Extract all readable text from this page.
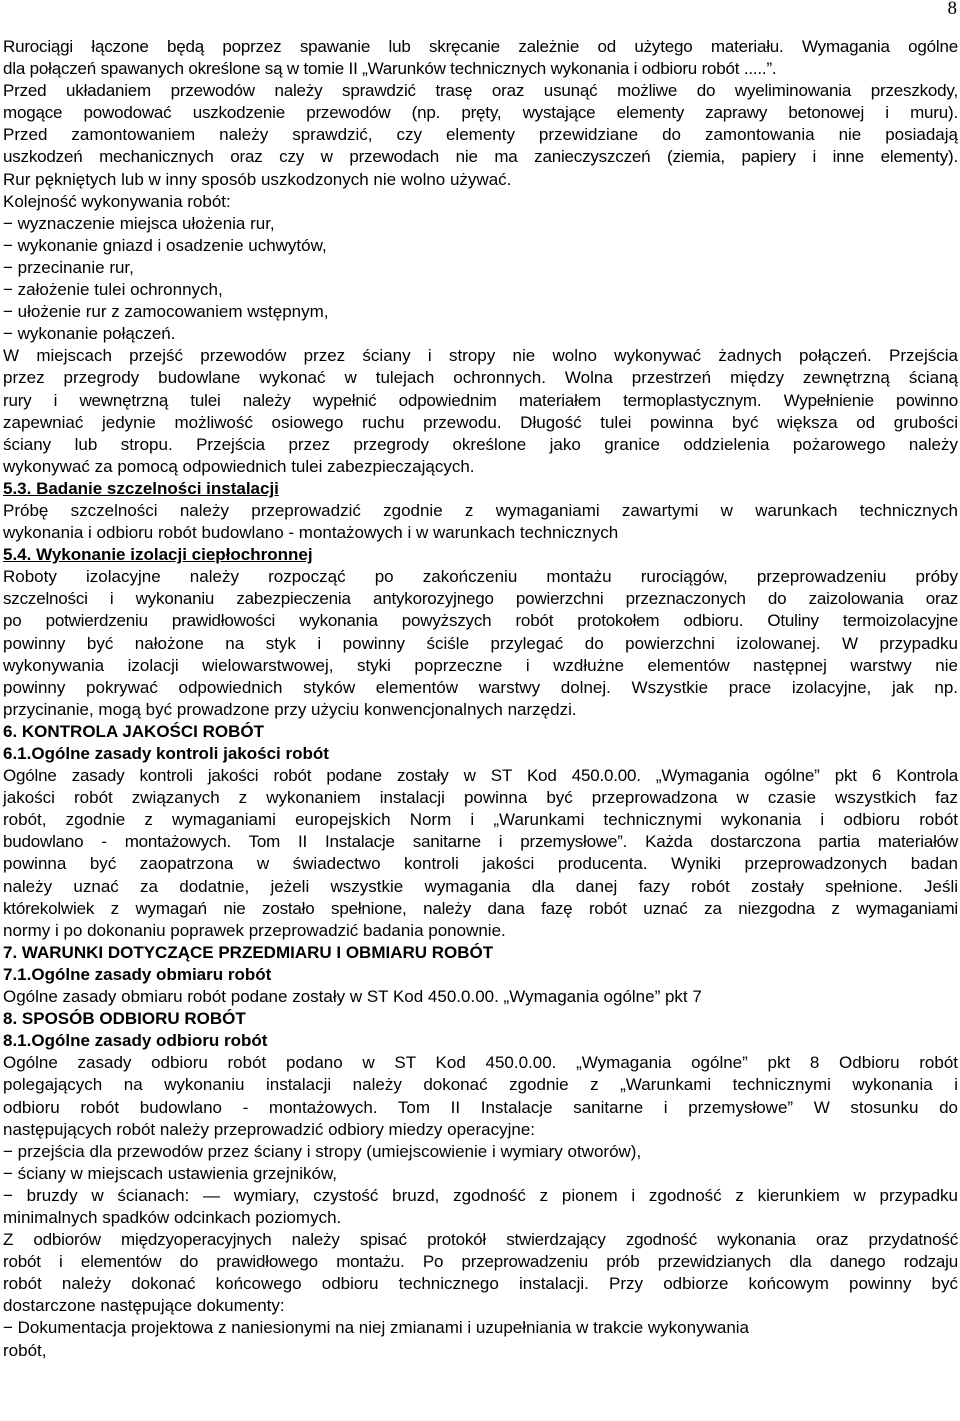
8

Rurociągi łączone będą poprzez spawanie lub skręcanie zależnie od użytego materiału. Wymagania ogólne

dla połączeń spawanych określone są w tomie II „Warunków technicznych wykonania i odbioru robót .....”.

Przed układaniem przewodów należy sprawdzić trasę oraz usunąć możliwe do wyeliminowania przeszkody,

mogące powodować uszkodzenie przewodów (np. pręty, wystające elementy zaprawy betonowej i muru).

Przed zamontowaniem należy sprawdzić, czy elementy przewidziane do zamontowania nie posiadają

uszkodzeń mechanicznych oraz czy w przewodach nie ma zanieczyszczeń (ziemia, papiery i inne elementy).

Rur pękniętych lub w inny sposób uszkodzonych nie wolno używać.

Kolejność wykonywania robót:

− wyznaczenie miejsca ułożenia rur,

− wykonanie gniazd i osadzenie uchwytów,

− przecinanie rur,

− założenie tulei ochronnych,

− ułożenie rur z zamocowaniem wstępnym,

− wykonanie połączeń.

W miejscach przejść przewodów przez ściany i stropy nie wolno wykonywać żadnych połączeń. Przejścia

przez przegrody budowlane wykonać w tulejach ochronnych. Wolna przestrzeń między zewnętrzną ścianą

rury i wewnętrzną tulei należy wypełnić odpowiednim materiałem termoplastycznym. Wypełnienie powinno

zapewniać jedynie możliwość osiowego ruchu przewodu. Długość tulei powinna być większa od grubości

ściany lub stropu. Przejścia przez przegrody określone jako granice oddzielenia pożarowego należy

wykonywać za pomocą odpowiednich tulei zabezpieczających.

5.3. Badanie szczelności instalacji

Próbę szczelności należy przeprowadzić zgodnie z wymaganiami zawartymi w warunkach technicznych

wykonania i odbioru robót budowlano - montażowych i w warunkach technicznych

5.4. Wykonanie izolacji ciepłochronnej

Roboty izolacyjne należy rozpocząć po zakończeniu montażu rurociągów, przeprowadzeniu próby

szczelności i wykonaniu zabezpieczenia antykorozyjnego powierzchni przeznaczonych do zaizolowania oraz

po potwierdzeniu prawidłowości wykonania powyższych robót protokołem odbioru. Otuliny termoizolacyjne

powinny być nałożone na styk i powinny ściśle przylegać do powierzchni izolowanej. W przypadku

wykonywania izolacji wielowarstwowej, styki poprzeczne i wzdłużne elementów następnej warstwy nie

powinny pokrywać odpowiednich styków elementów warstwy dolnej. Wszystkie prace izolacyjne, jak np.

przycinanie, mogą być prowadzone przy użyciu konwencjonalnych narzędzi.

6. KONTROLA JAKOŚCI ROBÓT

6.1.Ogólne zasady kontroli jakości robót

Ogólne zasady kontroli jakości robót podane zostały w ST Kod 450.0.00. „Wymagania ogólne” pkt 6 Kontrola

jakości robót związanych z wykonaniem instalacji powinna być przeprowadzona w czasie wszystkich faz

robót, zgodnie z wymaganiami europejskich Norm i „Warunkami technicznymi wykonania i odbioru robót

budowlano - montażowych. Tom II Instalacje sanitarne i przemysłowe”. Każda dostarczona partia materiałów

powinna być zaopatrzona w świadectwo kontroli jakości producenta. Wyniki przeprowadzonych badan

należy uznać za dodatnie, jeżeli wszystkie wymagania dla danej fazy robót zostały spełnione. Jeśli

którekolwiek z wymagań nie zostało spełnione, należy dana fazę robót uznać za niezgodna z wymaganiami

normy i po dokonaniu poprawek przeprowadzić badania ponownie.

7. WARUNKI DOTYCZĄCE PRZEDMIARU I OBMIARU ROBÓT

7.1.Ogólne zasady obmiaru robót

Ogólne zasady obmiaru robót podane zostały w ST Kod 450.0.00. „Wymagania ogólne” pkt 7

8. SPOSÓB ODBIORU ROBÓT

8.1.Ogólne zasady odbioru robót

Ogólne zasady odbioru robót podano w ST Kod 450.0.00. „Wymagania ogólne” pkt 8 Odbioru robót

polegających na wykonaniu instalacji należy dokonać zgodnie z „Warunkami technicznymi wykonania i

odbioru robót budowlano - montażowych. Tom II Instalacje sanitarne i przemysłowe” W stosunku do

następujących robót należy przeprowadzić odbiory miedzy operacyjne:

− przejścia dla przewodów przez ściany i stropy (umiejscowienie i wymiary otworów),

− ściany w miejscach ustawienia grzejników,

− bruzdy w ścianach: — wymiary, czystość bruzd, zgodność z pionem i zgodność z kierunkiem w przypadku

minimalnych spadków odcinkach poziomych.

Z odbiorów międzyoperacyjnych należy spisać protokół stwierdzający zgodność wykonania oraz przydatność

robót i elementów do prawidłowego montażu. Po przeprowadzeniu prób przewidzianych dla danego rodzaju

robót należy dokonać końcowego odbioru technicznego instalacji. Przy odbiorze końcowym powinny być

dostarczone następujące dokumenty:

− Dokumentacja projektowa z naniesionymi na niej zmianami i uzupełniania w trakcie wykonywania

robót,
